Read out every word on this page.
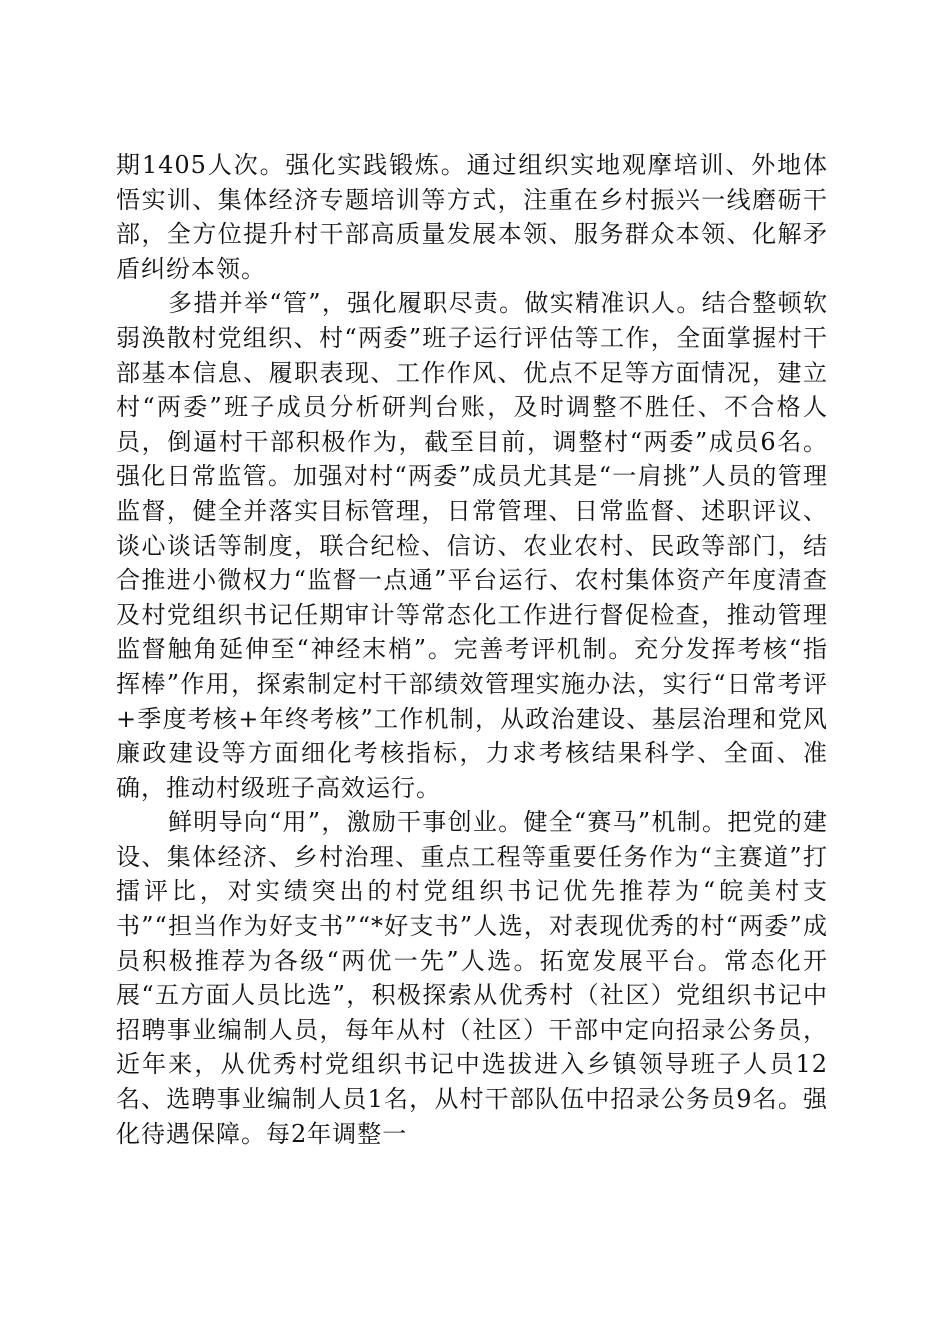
期1405人次。强化实践锻炼。通过组织实地观摩培训、外地体悟实训、集体经济专题培训等方式，注重在乡村振兴一线磨砺干部，全方位提升村干部高质量发展本领、服务群众本领、化解矛盾纠纷本领。

多措并举“管”，强化履职尽责。做实精准识人。结合整顿软弱涣散村党组织、村“两委”班子运行评估等工作，全面掌握村干部基本信息、履职表现、工作作风、优点不足等方面情况，建立村“两委”班子成员分析研判台账，及时调整不胜任、不合格人员，倒逼村干部积极作为，截至目前，调整村“两委”成员6名。强化日常监管。加强对村“两委”成员尤其是“一肩挑”人员的管理监督，健全并落实目标管理，日常管理、日常监督、述职评议、谈心谈话等制度，联合纪检、信访、农业农村、民政等部门，结合推进小微权力“监督一点通”平台运行、农村集体资产年度清查及村党组织书记任期审计等常态化工作进行督促检查，推动管理监督触角延伸至“神经末梢”。完善考评机制。充分发挥考核“指挥棒”作用，探索制定村干部绩效管理实施办法，实行“日常考评+季度考核+年终考核”工作机制，从政治建设、基层治理和党风廉政建设等方面细化考核指标，力求考核结果科学、全面、准确，推动村级班子高效运行。

鲜明导向“用”，激励干事创业。健全“赛马”机制。把党的建设、集体经济、乡村治理、重点工程等重要任务作为“主赛道”打擂评比，对实绩突出的村党组织书记优先推荐为“皖美村支书”“担当作为好支书”“*好支书”人选，对表现优秀的村“两委”成员积极推荐为各级“两优一先”人选。拓宽发展平台。常态化开展“五方面人员比选”，积极探索从优秀村（社区）党组织书记中招聘事业编制人员，每年从村（社区）干部中定向招录公务员，近年来，从优秀村党组织书记中选拔进入乡镇领导班子人员12名、选聘事业编制人员1名，从村干部队伍中招录公务员9名。强化待遇保障。每2年调整一
